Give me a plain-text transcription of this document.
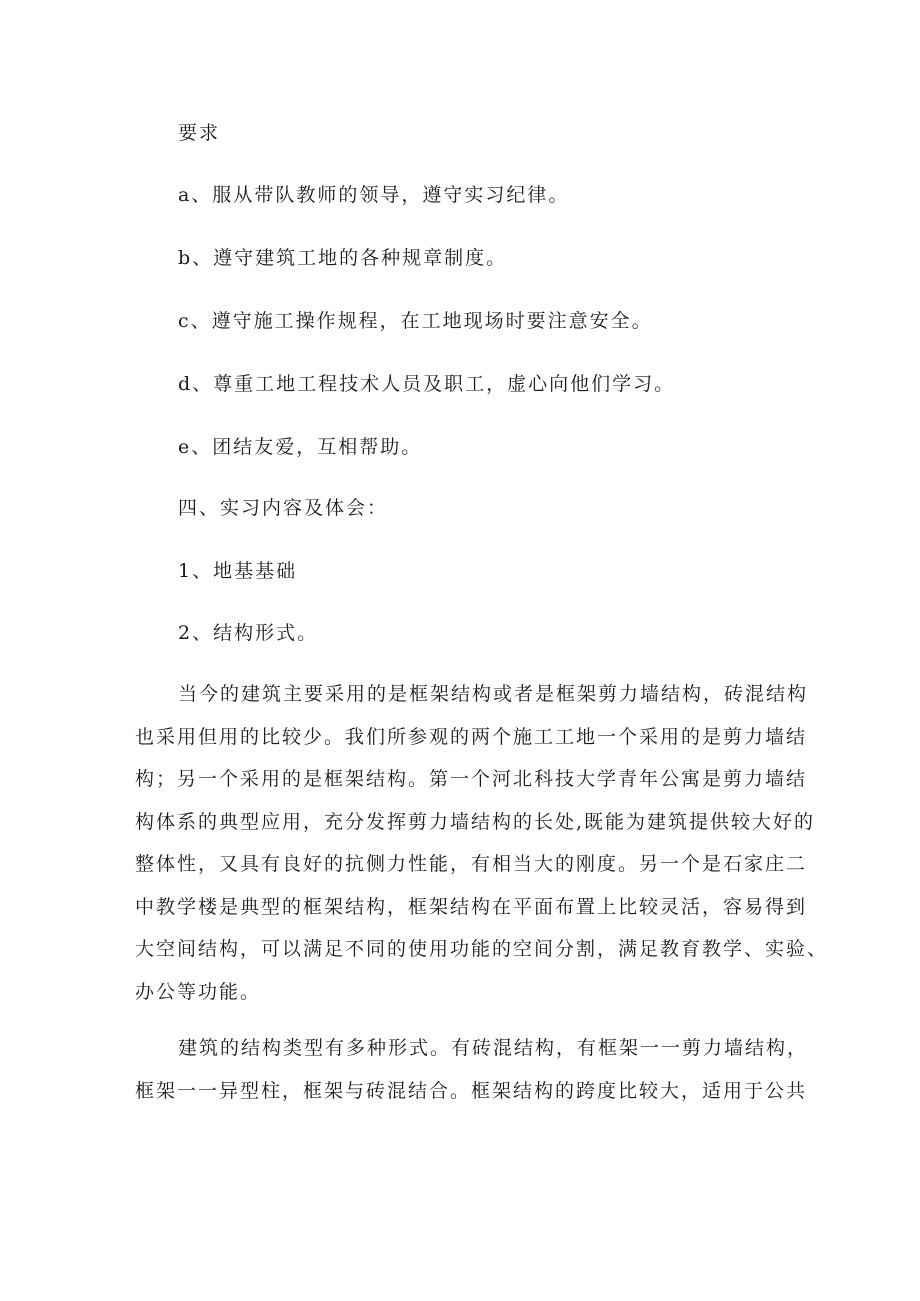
要求
a、服从带队教师的领导，遵守实习纪律。
b、遵守建筑工地的各种规章制度。
c、遵守施工操作规程，在工地现场时要注意安全。
d、尊重工地工程技术人员及职工，虚心向他们学习。
e、团结友爱，互相帮助。
四、实习内容及体会：
1、地基基础
2、结构形式。
当今的建筑主要采用的是框架结构或者是框架剪力墙结构，砖混结构
也采用但用的比较少。我们所参观的两个施工工地一个采用的是剪力墙结
构；另一个采用的是框架结构。第一个河北科技大学青年公寓是剪力墙结
构体系的典型应用，充分发挥剪力墙结构的长处,既能为建筑提供较大好的
整体性，又具有良好的抗侧力性能，有相当大的刚度。另一个是石家庄二
中教学楼是典型的框架结构，框架结构在平面布置上比较灵活，容易得到
大空间结构，可以满足不同的使用功能的空间分割，满足教育教学、实验、
办公等功能。
建筑的结构类型有多种形式。有砖混结构，有框架一一剪力墙结构，
框架一一异型柱，框架与砖混结合。框架结构的跨度比较大，适用于公共
